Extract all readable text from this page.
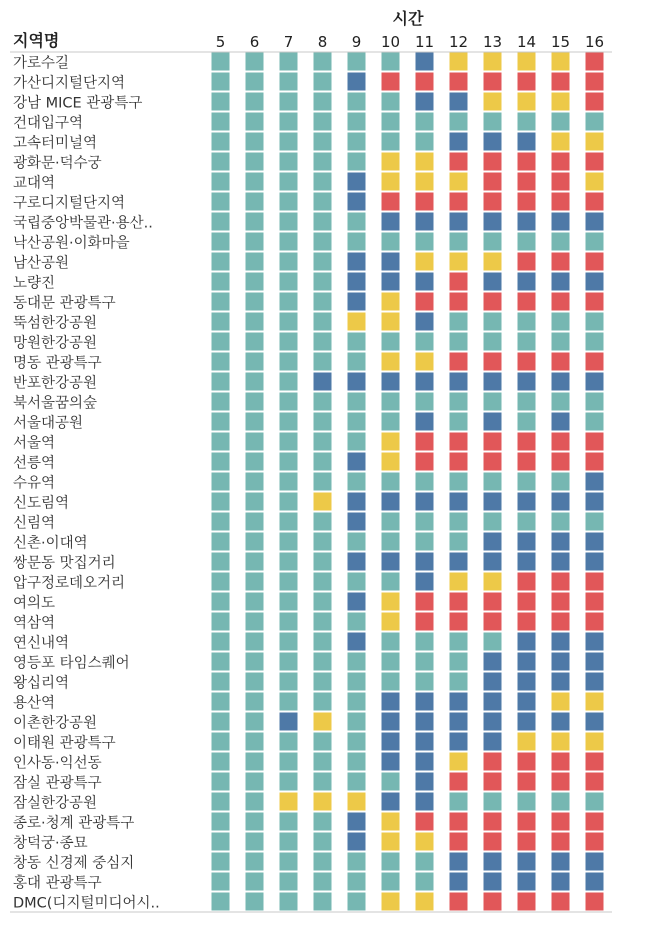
시간
지역명	5 6 7 8 9 10 11 12 13 14 15 16
가로수길
가산디지털단지역
강남 MICE 관광특구
건대입구역
고속터미널역
광화문·덕수궁
교대역
구로디지털단지역
국립중앙박물관·용산..
낙산공원·이화마을
남산공원
노량진
동대문 관광특구
뚝섬한강공원
망원한강공원
명동 관광특구
반포한강공원
북서울꿈의숲
서울대공원
서울역
선릉역
수유역
신도림역
신림역
신촌·이대역
쌍문동 맛집거리
압구정로데오거리
여의도
역삼역
연신내역
영등포 타임스퀘어
왕십리역
용산역
이촌한강공원
이태원 관광특구
인사동·익선동
잠실 관광특구
잠실한강공원
종로·청계 관광특구
창덕궁·종묘
창동 신경제 중심지
홍대 관광특구
DMC(디지털미디어시..
